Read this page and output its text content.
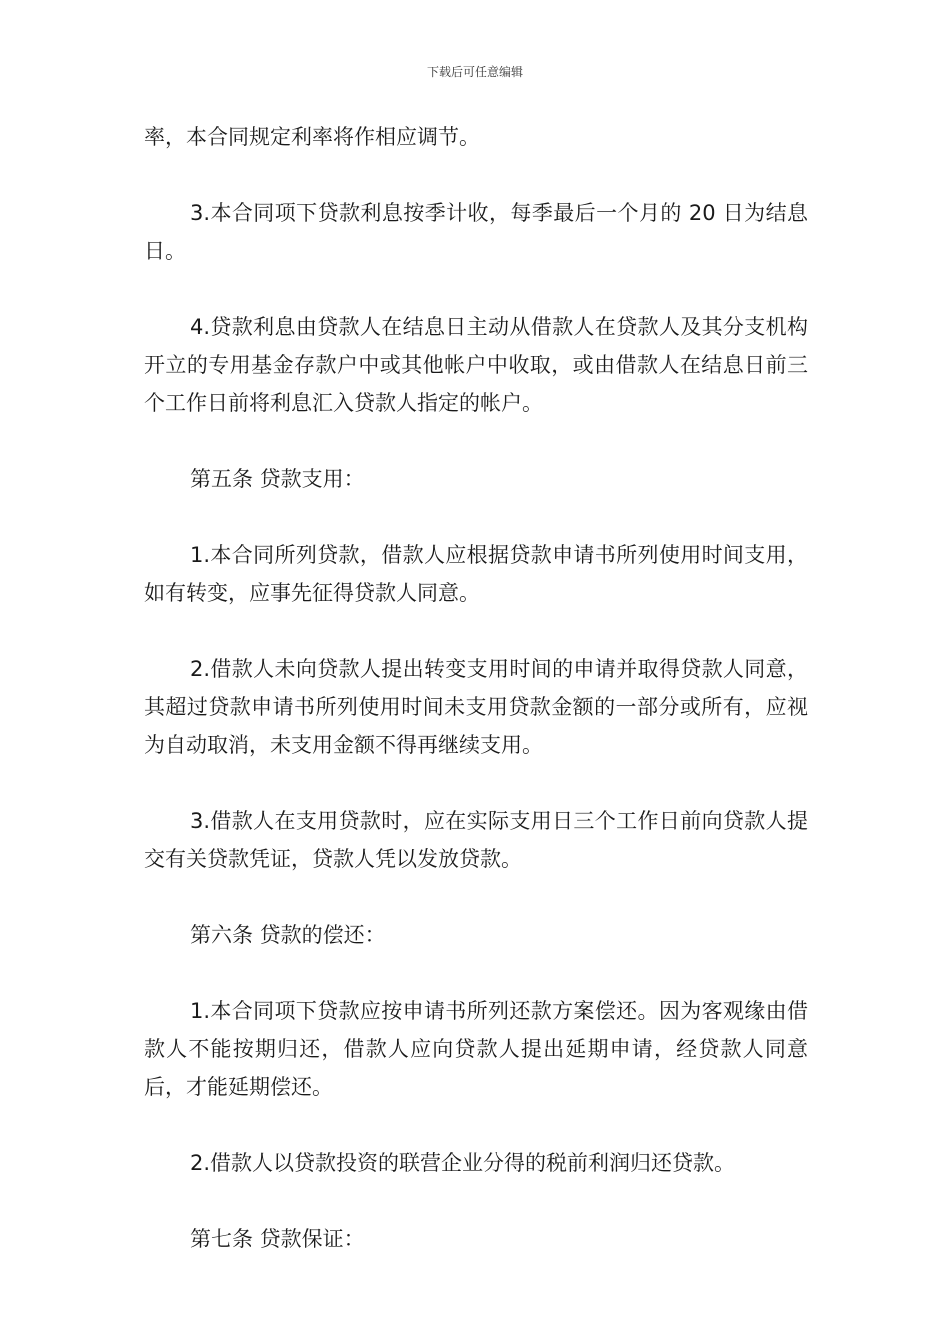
下载后可任意编辑

率，本合同规定利率将作相应调节。

3.本合同项下贷款利息按季计收，每季最后一个月的 20 日为结息日。

4.贷款利息由贷款人在结息日主动从借款人在贷款人及其分支机构开立的专用基金存款户中或其他帐户中收取，或由借款人在结息日前三个工作日前将利息汇入贷款人指定的帐户。

第五条 贷款支用：

1.本合同所列贷款，借款人应根据贷款申请书所列使用时间支用，如有转变，应事先征得贷款人同意。

2.借款人未向贷款人提出转变支用时间的申请并取得贷款人同意，其超过贷款申请书所列使用时间未支用贷款金额的一部分或所有，应视为自动取消，未支用金额不得再继续支用。

3.借款人在支用贷款时，应在实际支用日三个工作日前向贷款人提交有关贷款凭证，贷款人凭以发放贷款。

第六条 贷款的偿还：

1.本合同项下贷款应按申请书所列还款方案偿还。因为客观缘由借款人不能按期归还，借款人应向贷款人提出延期申请，经贷款人同意后，才能延期偿还。

2.借款人以贷款投资的联营企业分得的税前利润归还贷款。

第七条 贷款保证：
